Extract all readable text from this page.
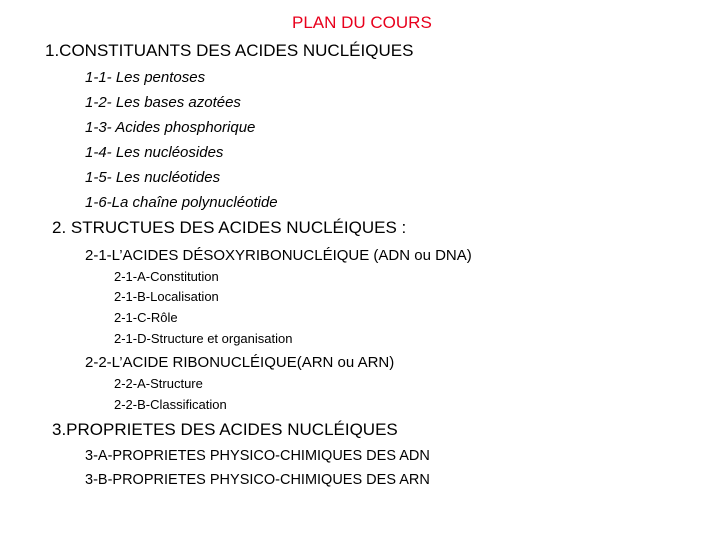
PLAN DU COURS
1.CONSTITUANTS DES ACIDES NUCLÉIQUES
1-1- Les pentoses
1-2- Les bases azotées
1-3- Acides phosphorique
1-4- Les nucléosides
1-5- Les nucléotides
1-6-La chaîne polynucléotide
2. STRUCTUES DES ACIDES NUCLÉIQUES :
2-1-L’ACIDES DÉSOXYRIBONUCLÉIQUE (ADN ou DNA)
2-1-A-Constitution
2-1-B-Localisation
2-1-C-Rôle
2-1-D-Structure et organisation
2-2-L’ACIDE RIBONUCLÉIQUE(ARN ou ARN)
2-2-A-Structure
2-2-B-Classification
3.PROPRIETES DES ACIDES NUCLÉIQUES
3-A-PROPRIETES PHYSICO-CHIMIQUES DES ADN
3-B-PROPRIETES PHYSICO-CHIMIQUES DES ARN
